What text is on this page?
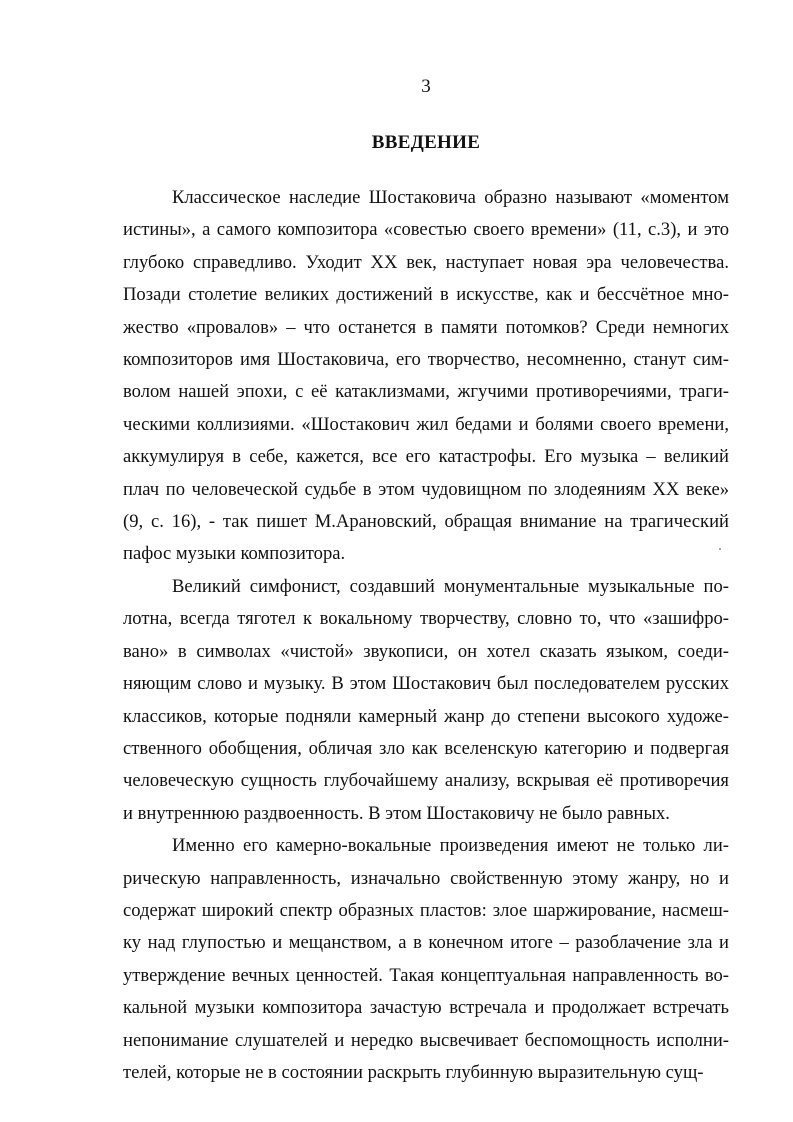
3
ВВЕДЕНИЕ

Классическое наследие Шостаковича образно называют «моментом истины», а самого композитора «совестью своего времени» (11, с.3), и это глубоко справедливо. Уходит XX век, наступает новая эра человечества. Позади столетие великих достижений в искусстве, как и бессчётное множество «провалов» – что останется в памяти потомков? Среди немногих композиторов имя Шостаковича, его творчество, несомненно, станут символом нашей эпохи, с её катаклизмами, жгучими противоречиями, трагическими коллизиями. «Шостакович жил бедами и болями своего времени, аккумулируя в себе, кажется, все его катастрофы. Его музыка – великий плач по человеческой судьбе в этом чудовищном по злодеяниям XX веке» (9, с. 16), - так пишет М.Арановский, обращая внимание на трагический пафос музыки композитора.

Великий симфонист, создавший монументальные музыкальные полотна, всегда тяготел к вокальному творчеству, словно то, что «зашифровано» в символах «чистой» звукописи, он хотел сказать языком, соединяющим слово и музыку. В этом Шостакович был последователем русских классиков, которые подняли камерный жанр до степени высокого художественного обобщения, обличая зло как вселенскую категорию и подвергая человеческую сущность глубочайшему анализу, вскрывая её противоречия и внутреннюю раздвоенность. В этом Шостаковичу не было равных.

Именно его камерно-вокальные произведения имеют не только лирическую направленность, изначально свойственную этому жанру, но и содержат широкий спектр образных пластов: злое шаржирование, насмешку над глупостью и мещанством, а в конечном итоге – разоблачение зла и утверждение вечных ценностей. Такая концептуальная направленность вокальной музыки композитора зачастую встречала и продолжает встречать непонимание слушателей и нередко высвечивает беспомощность исполнителей, которые не в состоянии раскрыть глубинную выразительную сущ-
